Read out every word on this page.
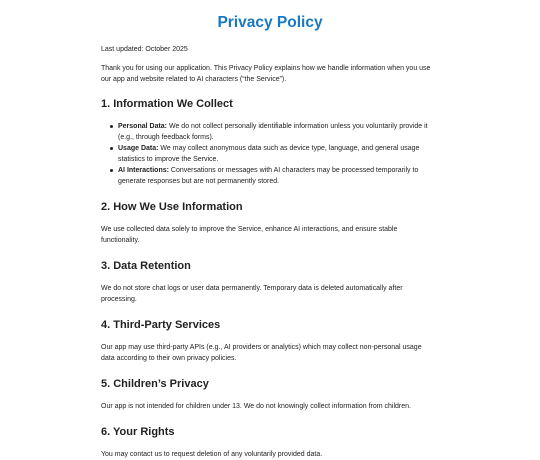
Privacy Policy

Last updated: October 2025

Thank you for using our application. This Privacy Policy explains how we handle information when you use our app and website related to AI characters (“the Service”).

1. Information We Collect
Personal Data: We do not collect personally identifiable information unless you voluntarily provide it (e.g., through feedback forms).
Usage Data: We may collect anonymous data such as device type, language, and general usage statistics to improve the Service.
AI Interactions: Conversations or messages with AI characters may be processed temporarily to generate responses but are not permanently stored.
2. How We Use Information

We use collected data solely to improve the Service, enhance AI interactions, and ensure stable functionality.

3. Data Retention

We do not store chat logs or user data permanently. Temporary data is deleted automatically after processing.

4. Third-Party Services

Our app may use third-party APIs (e.g., AI providers or analytics) which may collect non-personal usage data according to their own privacy policies.

5. Children’s Privacy

Our app is not intended for children under 13. We do not knowingly collect information from children.

6. Your Rights

You may contact us to request deletion of any voluntarily provided data.
